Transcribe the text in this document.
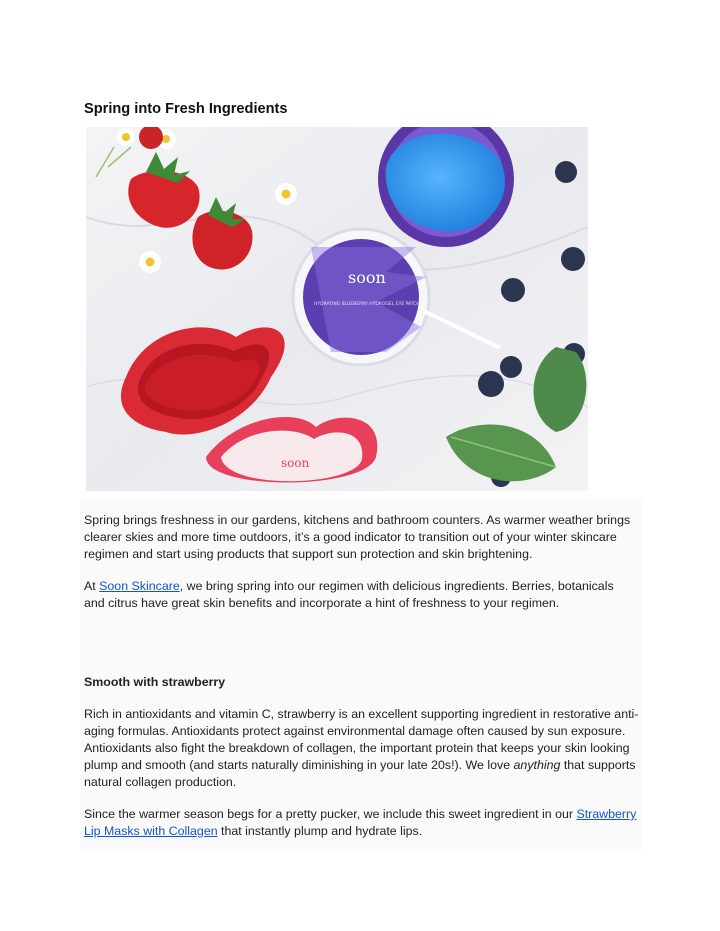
Spring into Fresh Ingredients
soon
HYDRATING BLUEBERRY HYDROGEL EYE PATCH
soon

Spring brings freshness in our gardens, kitchens and bathroom counters. As warmer weather brings clearer skies and more time outdoors, it’s a good indicator to transition out of your winter skincare regimen and start using products that support sun protection and skin brightening.

At Soon Skincare, we bring spring into our regimen with delicious ingredients. Berries, botanicals and citrus have great skin benefits and incorporate a hint of freshness to your regimen.

Smooth with strawberry

Rich in antioxidants and vitamin C, strawberry is an excellent supporting ingredient in restorative anti-aging formulas. Antioxidants protect against environmental damage often caused by sun exposure. Antioxidants also fight the breakdown of collagen, the important protein that keeps your skin looking plump and smooth (and starts naturally diminishing in your late 20s!). We love anything that supports natural collagen production.

Since the warmer season begs for a pretty pucker, we include this sweet ingredient in our Strawberry Lip Masks with Collagen that instantly plump and hydrate lips.
